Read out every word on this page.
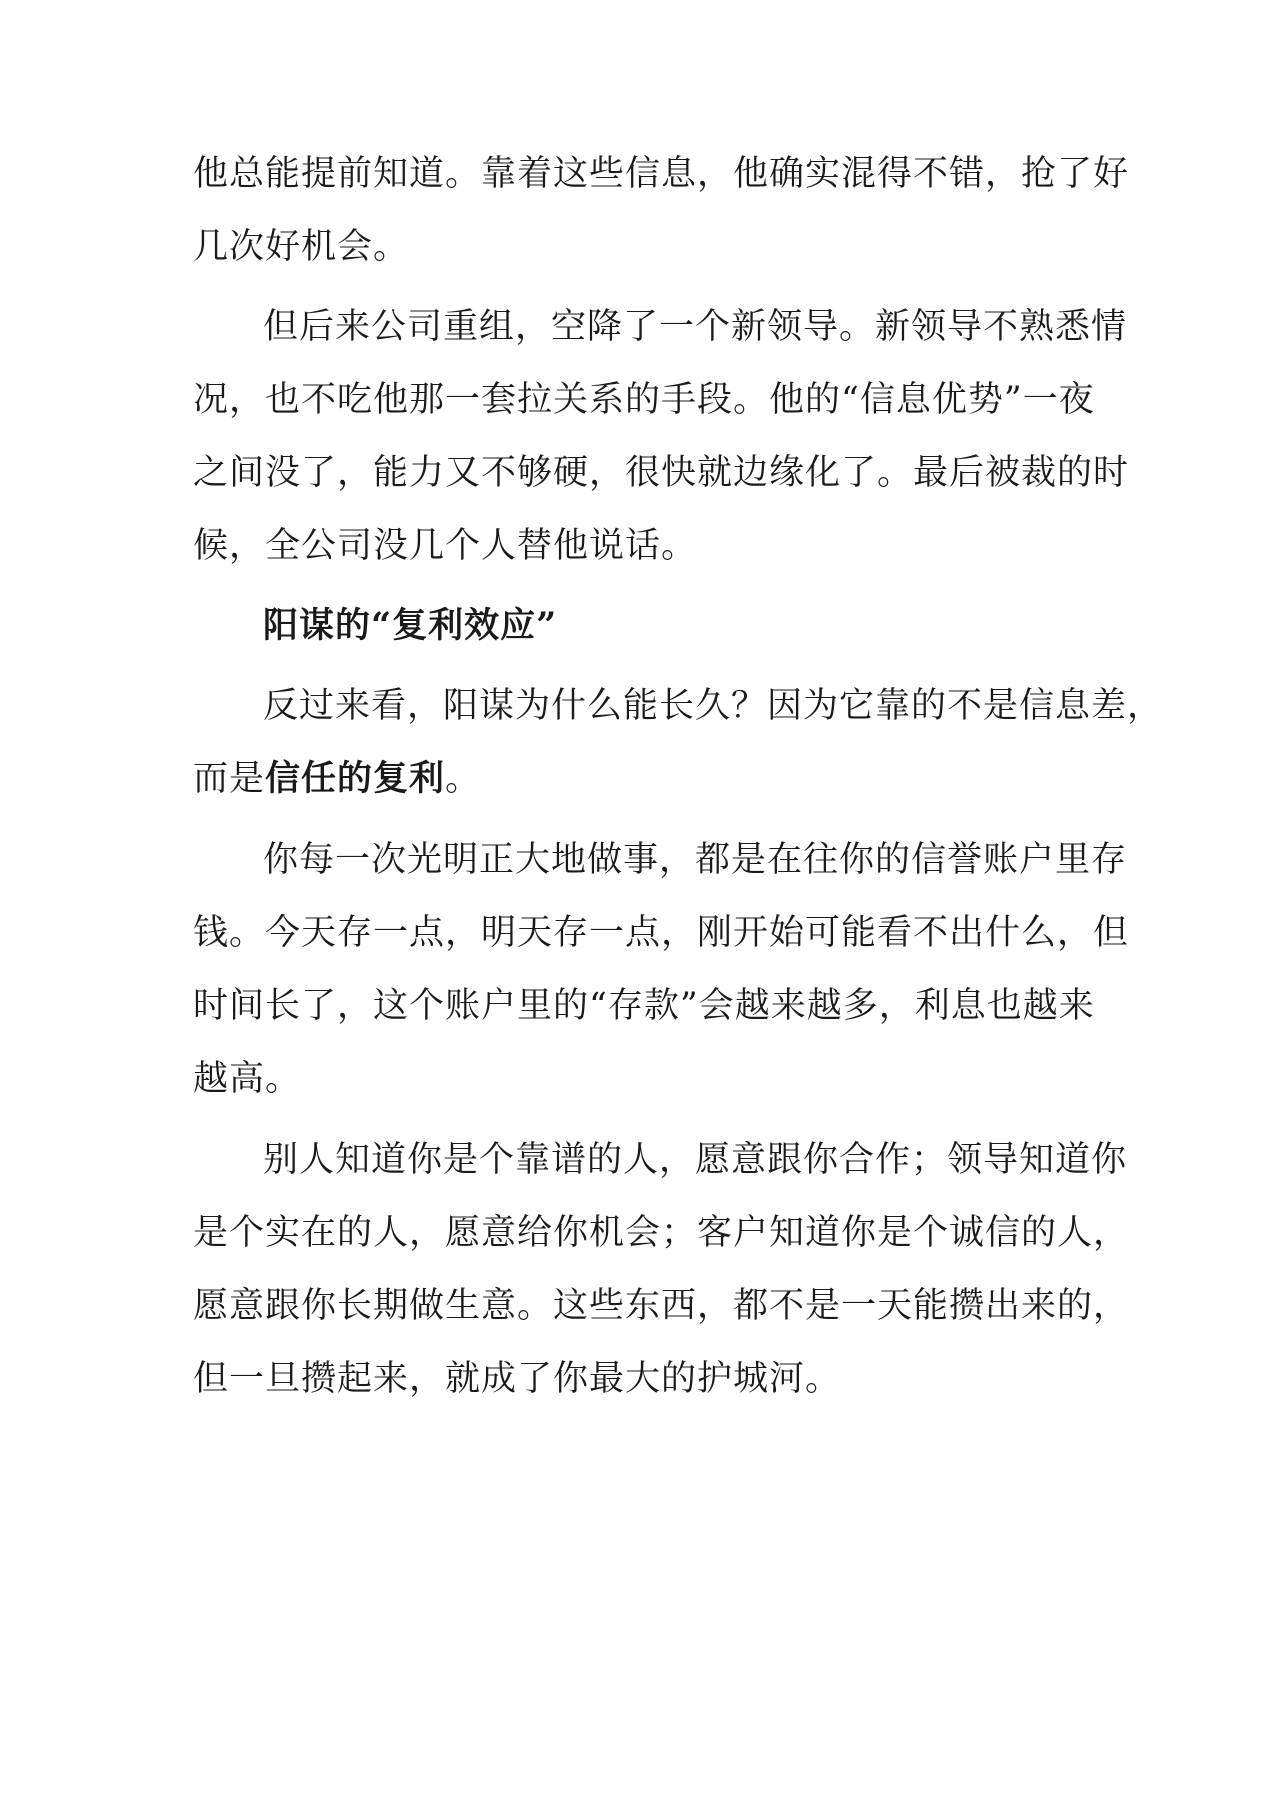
他总能提前知道。靠着这些信息，他确实混得不错，抢了好
几次好机会。
但后来公司重组，空降了一个新领导。新领导不熟悉情
况，也不吃他那一套拉关系的手段。他的“信息优势”一夜
之间没了，能力又不够硬，很快就边缘化了。最后被裁的时
候，全公司没几个人替他说话。
阳谋的“复利效应”
反过来看，阳谋为什么能长久？因为它靠的不是信息差，
而是信任的复利。
你每一次光明正大地做事，都是在往你的信誉账户里存
钱。今天存一点，明天存一点，刚开始可能看不出什么，但
时间长了，这个账户里的“存款”会越来越多，利息也越来
越高。
别人知道你是个靠谱的人，愿意跟你合作；领导知道你
是个实在的人，愿意给你机会；客户知道你是个诚信的人，
愿意跟你长期做生意。这些东西，都不是一天能攒出来的，
但一旦攒起来，就成了你最大的护城河。
